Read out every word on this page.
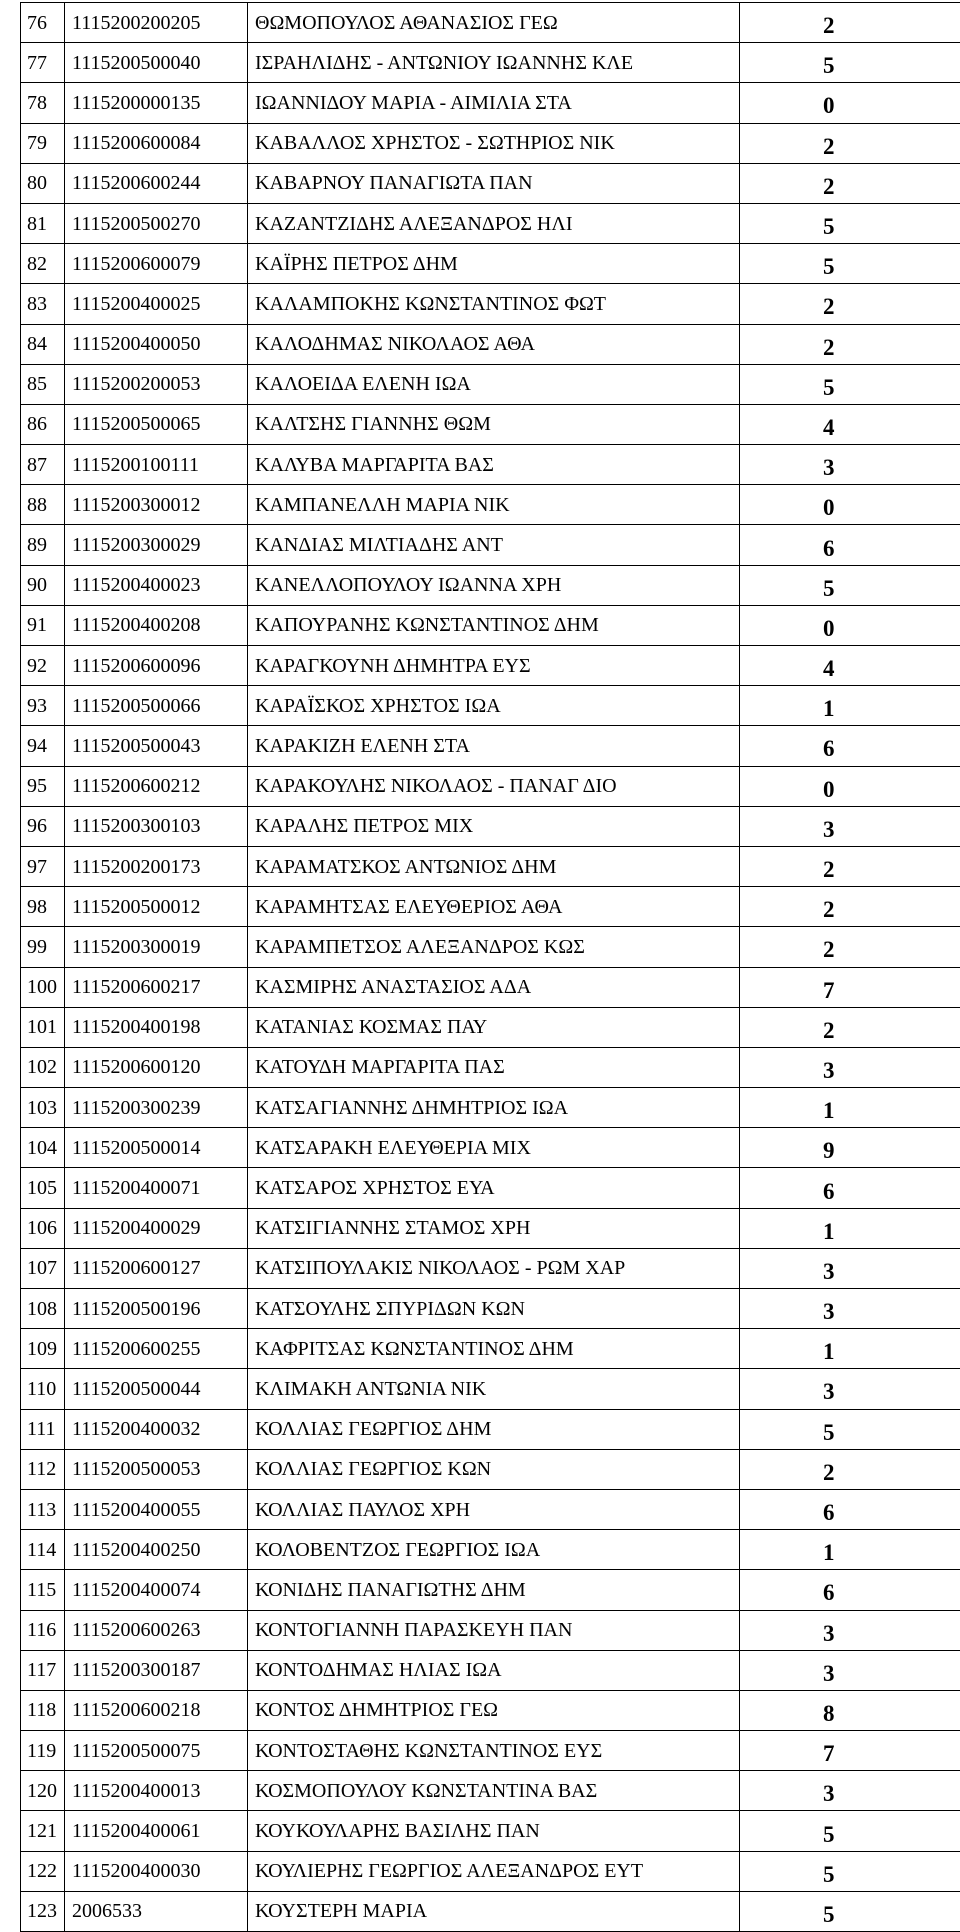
76	1115200200205	ΘΩΜΟΠΟΥΛΟΣ ΑΘΑΝΑΣΙΟΣ ΓΕΩ	2
77	1115200500040	ΙΣΡΑΗΛΙΔΗΣ - ΑΝΤΩΝΙΟΥ ΙΩΑΝΝΗΣ ΚΛΕ	5
78	1115200000135	ΙΩΑΝΝΙΔΟΥ ΜΑΡΙΑ - ΑΙΜΙΛΙΑ ΣΤΑ	0
79	1115200600084	ΚΑΒΑΛΛΟΣ ΧΡΗΣΤΟΣ - ΣΩΤΗΡΙΟΣ ΝΙΚ	2
80	1115200600244	ΚΑΒΑΡΝΟΥ ΠΑΝΑΓΙΩΤΑ ΠΑΝ	2
81	1115200500270	ΚΑΖΑΝΤΖΙΔΗΣ ΑΛΕΞΑΝΔΡΟΣ ΗΛΙ	5
82	1115200600079	ΚΑΪΡΗΣ ΠΕΤΡΟΣ ΔΗΜ	5
83	1115200400025	ΚΑΛΑΜΠΟΚΗΣ ΚΩΝΣΤΑΝΤΙΝΟΣ ΦΩΤ	2
84	1115200400050	ΚΑΛΟΔΗΜΑΣ ΝΙΚΟΛΑΟΣ ΑΘΑ	2
85	1115200200053	ΚΑΛΟΕΙΔΑ ΕΛΕΝΗ ΙΩΑ	5
86	1115200500065	ΚΑΛΤΣΗΣ ΓΙΑΝΝΗΣ ΘΩΜ	4
87	1115200100111	ΚΑΛΥΒΑ ΜΑΡΓΑΡΙΤΑ ΒΑΣ	3
88	1115200300012	ΚΑΜΠΑΝΕΛΛΗ ΜΑΡΙΑ ΝΙΚ	0
89	1115200300029	ΚΑΝΔΙΑΣ ΜΙΛΤΙΑΔΗΣ ΑΝΤ	6
90	1115200400023	ΚΑΝΕΛΛΟΠΟΥΛΟΥ ΙΩΑΝΝΑ ΧΡΗ	5
91	1115200400208	ΚΑΠΟΥΡΑΝΗΣ ΚΩΝΣΤΑΝΤΙΝΟΣ ΔΗΜ	0
92	1115200600096	ΚΑΡΑΓΚΟΥΝΗ ΔΗΜΗΤΡΑ ΕΥΣ	4
93	1115200500066	ΚΑΡΑΪΣΚΟΣ ΧΡΗΣΤΟΣ ΙΩΑ	1
94	1115200500043	ΚΑΡΑΚΙΖΗ ΕΛΕΝΗ ΣΤΑ	6
95	1115200600212	ΚΑΡΑΚΟΥΛΗΣ ΝΙΚΟΛΑΟΣ - ΠΑΝΑΓ ΔΙΟ	0
96	1115200300103	ΚΑΡΑΛΗΣ ΠΕΤΡΟΣ ΜΙΧ	3
97	1115200200173	ΚΑΡΑΜΑΤΣΚΟΣ ΑΝΤΩΝΙΟΣ ΔΗΜ	2
98	1115200500012	ΚΑΡΑΜΗΤΣΑΣ ΕΛΕΥΘΕΡΙΟΣ ΑΘΑ	2
99	1115200300019	ΚΑΡΑΜΠΕΤΣΟΣ ΑΛΕΞΑΝΔΡΟΣ ΚΩΣ	2
100	1115200600217	ΚΑΣΜΙΡΗΣ ΑΝΑΣΤΑΣΙΟΣ ΑΔΑ	7
101	1115200400198	ΚΑΤΑΝΙΑΣ ΚΟΣΜΑΣ ΠΑΥ	2
102	1115200600120	ΚΑΤΟΥΔΗ ΜΑΡΓΑΡΙΤΑ ΠΑΣ	3
103	1115200300239	ΚΑΤΣΑΓΙΑΝΝΗΣ ΔΗΜΗΤΡΙΟΣ ΙΩΑ	1
104	1115200500014	ΚΑΤΣΑΡΑΚΗ ΕΛΕΥΘΕΡΙΑ ΜΙΧ	9
105	1115200400071	ΚΑΤΣΑΡΟΣ ΧΡΗΣΤΟΣ ΕΥΑ	6
106	1115200400029	ΚΑΤΣΙΓΙΑΝΝΗΣ ΣΤΑΜΟΣ ΧΡΗ	1
107	1115200600127	ΚΑΤΣΙΠΟΥΛΑΚΙΣ ΝΙΚΟΛΑΟΣ - ΡΩΜ ΧΑΡ	3
108	1115200500196	ΚΑΤΣΟΥΛΗΣ ΣΠΥΡΙΔΩΝ ΚΩΝ	3
109	1115200600255	ΚΑΦΡΙΤΣΑΣ ΚΩΝΣΤΑΝΤΙΝΟΣ ΔΗΜ	1
110	1115200500044	ΚΛΙΜΑΚΗ ΑΝΤΩΝΙΑ ΝΙΚ	3
111	1115200400032	ΚΟΛΛΙΑΣ ΓΕΩΡΓΙΟΣ ΔΗΜ	5
112	1115200500053	ΚΟΛΛΙΑΣ ΓΕΩΡΓΙΟΣ ΚΩΝ	2
113	1115200400055	ΚΟΛΛΙΑΣ ΠΑΥΛΟΣ ΧΡΗ	6
114	1115200400250	ΚΟΛΟΒΕΝΤΖΟΣ ΓΕΩΡΓΙΟΣ ΙΩΑ	1
115	1115200400074	ΚΟΝΙΔΗΣ ΠΑΝΑΓΙΩΤΗΣ ΔΗΜ	6
116	1115200600263	ΚΟΝΤΟΓΙΑΝΝΗ ΠΑΡΑΣΚΕΥΗ ΠΑΝ	3
117	1115200300187	ΚΟΝΤΟΔΗΜΑΣ ΗΛΙΑΣ ΙΩΑ	3
118	1115200600218	ΚΟΝΤΟΣ ΔΗΜΗΤΡΙΟΣ ΓΕΩ	8
119	1115200500075	ΚΟΝΤΟΣΤΑΘΗΣ ΚΩΝΣΤΑΝΤΙΝΟΣ ΕΥΣ	7
120	1115200400013	ΚΟΣΜΟΠΟΥΛΟΥ ΚΩΝΣΤΑΝΤΙΝΑ ΒΑΣ	3
121	1115200400061	ΚΟΥΚΟΥΛΑΡΗΣ ΒΑΣΙΛΗΣ ΠΑΝ	5
122	1115200400030	ΚΟΥΛΙΕΡΗΣ ΓΕΩΡΓΙΟΣ ΑΛΕΞΑΝΔΡΟΣ ΕΥΤ	5
123	2006533	ΚΟΥΣΤΕΡΗ ΜΑΡΙΑ	5
